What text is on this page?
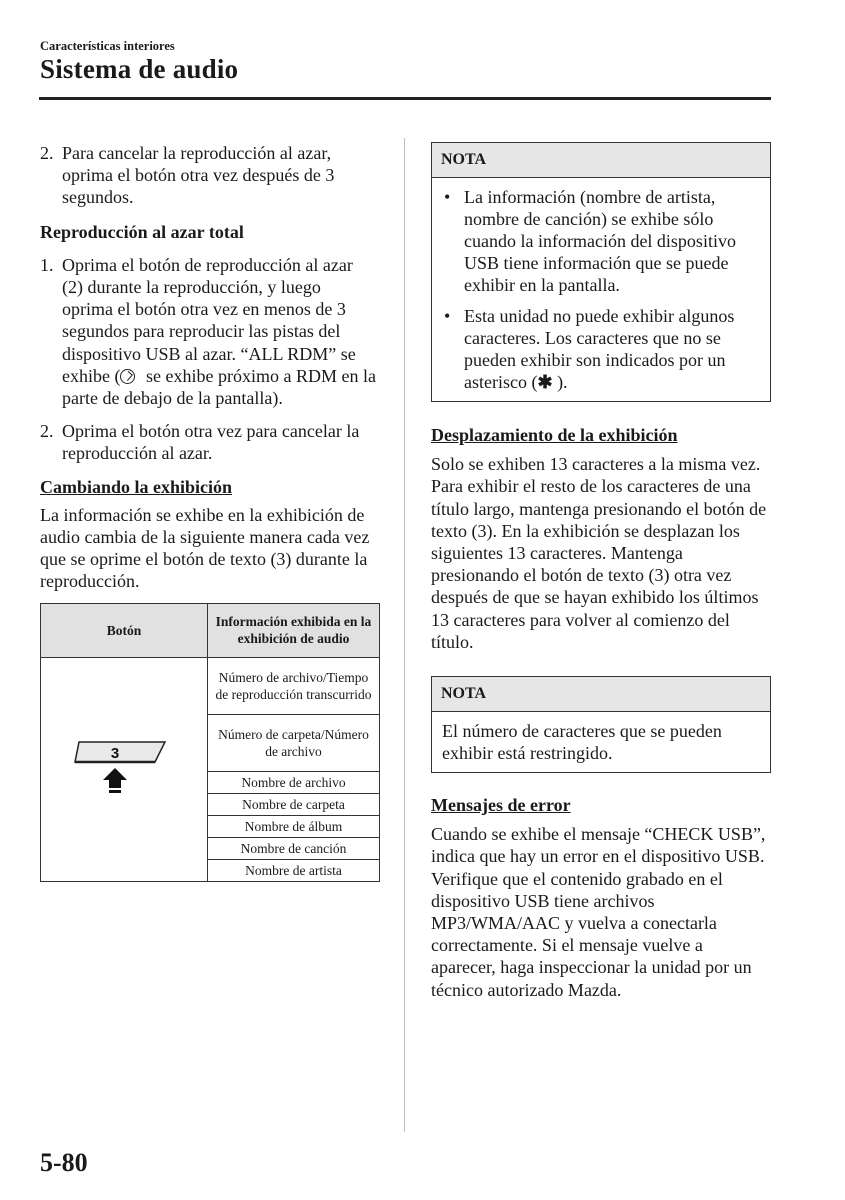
Características interiores
Sistema de audio
2. Para cancelar la reproducción al azar, oprima el botón otra vez después de 3 segundos.

Reproducción al azar total

1. Oprima el botón de reproducción al azar (2) durante la reproducción, y luego oprima el botón otra vez en menos de 3 segundos para reproducir las pistas del dispositivo USB al azar. “ALL RDM” se exhibe ( se exhibe próximo a RDM en la parte de debajo de la pantalla).
2. Oprima el botón otra vez para cancelar la reproducción al azar.

Cambiando la exhibición

La información se exhibe en la exhibición de audio cambia de la siguiente manera cada vez que se oprime el botón de texto (3) durante la reproducción.

Botón	Información exhibida en la exhibición de audio

3	Número de archivo/Tiempo de reproducción transcurrido
	Número de carpeta/Número de archivo
	Nombre de archivo
	Nombre de carpeta
	Nombre de álbum
	Nombre de canción
	Nombre de artista
NOTA
• La información (nombre de artista, nombre de canción) se exhibe sólo cuando la información del dispositivo USB tiene información que se puede exhibir en la pantalla.
• Esta unidad no puede exhibir algunos caracteres. Los caracteres que no se pueden exhibir son indicados por un asterisco (✱ ).

Desplazamiento de la exhibición

Solo se exhiben 13 caracteres a la misma vez. Para exhibir el resto de los caracteres de una título largo, mantenga presionando el botón de texto (3). En la exhibición se desplazan los siguientes 13 caracteres. Mantenga presionando el botón de texto (3) otra vez después de que se hayan exhibido los últimos 13 caracteres para volver al comienzo del título.

NOTA
El número de caracteres que se pueden exhibir está restringido.

Mensajes de error

Cuando se exhibe el mensaje “CHECK USB”, indica que hay un error en el dispositivo USB. Verifique que el contenido grabado en el dispositivo USB tiene archivos MP3/WMA/AAC y vuelva a conectarla correctamente. Si el mensaje vuelve a aparecer, haga inspeccionar la unidad por un técnico autorizado Mazda.

5-80
